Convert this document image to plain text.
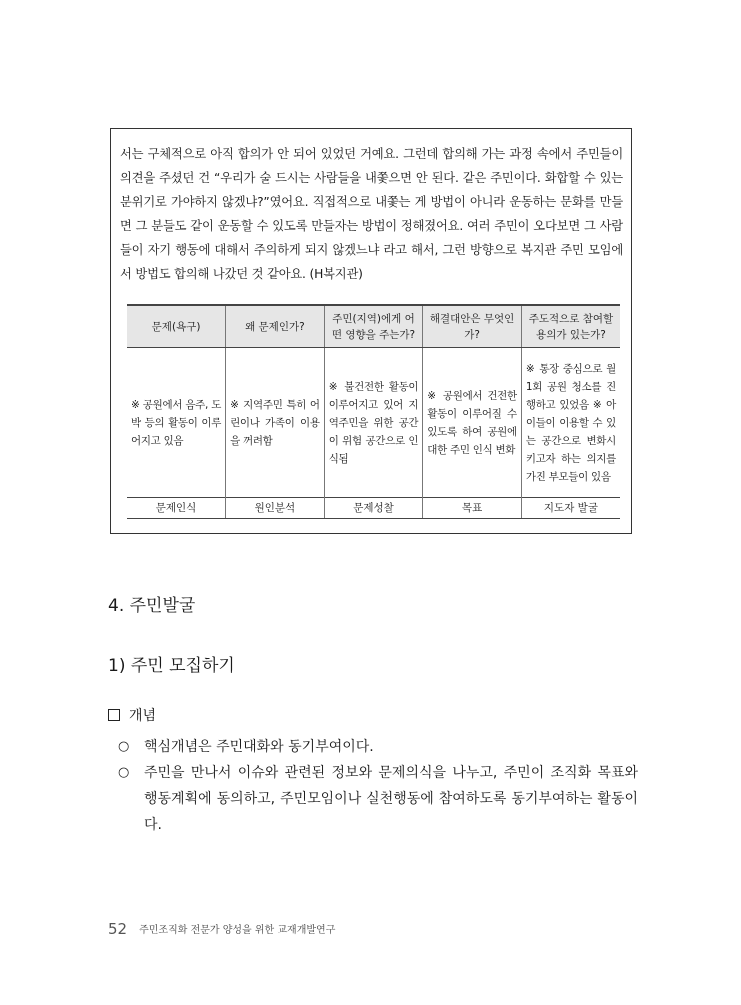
서는 구체적으로 아직 합의가 안 되어 있었던 거예요. 그런데 합의해 가는 과정 속에서 주민들이 의견을 주셨던 건 “우리가 술 드시는 사람들을 내쫓으면 안 된다. 같은 주민이다. 화합할 수 있는 분위기로 가야하지 않겠냐?”였어요. 직접적으로 내쫓는 게 방법이 아니라 운동하는 문화를 만들면 그 분들도 같이 운동할 수 있도록 만들자는 방법이 정해졌어요. 여러 주민이 오다보면 그 사람들이 자기 행동에 대해서 주의하게 되지 않겠느냐 라고 해서, 그런 방향으로 복지관 주민 모임에서 방법도 합의해 나갔던 것 같아요. (H복지관)
문제(욕구)	왜 문제인가?	주민(지역)에게 어떤 영향을 주는가?	해결대안은 무엇인가?	주도적으로 참여할 용의가 있는가?
※ 공원에서 음주, 도박 등의 활동이 이루어지고 있음	※ 지역주민 특히 어린이나 가족이 이용을 꺼려함	※ 불건전한 활동이 이루어지고 있어 지역주민을 위한 공간이 위험 공간으로 인식됨	※ 공원에서 건전한 활동이 이루어질 수 있도록 하여 공원에 대한 주민 인식 변화	※ 통장 중심으로 월 1회 공원 청소를 진행하고 있었음 ※ 아이들이 이용할 수 있는 공간으로 변화시키고자 하는 의지를 가진 부모들이 있음
문제인식	원인분석	문제성찰	목표	지도자 발굴
4. 주민발굴
1) 주민 모집하기
개념
○	핵심개념은 주민대화와 동기부여이다.
○	주민을 만나서 이슈와 관련된 정보와 문제의식을 나누고, 주민이 조직화 목표와 행동계획에 동의하고, 주민모임이나 실천행동에 참여하도록 동기부여하는 활동이다.
52 주민조직화 전문가 양성을 위한 교재개발연구
